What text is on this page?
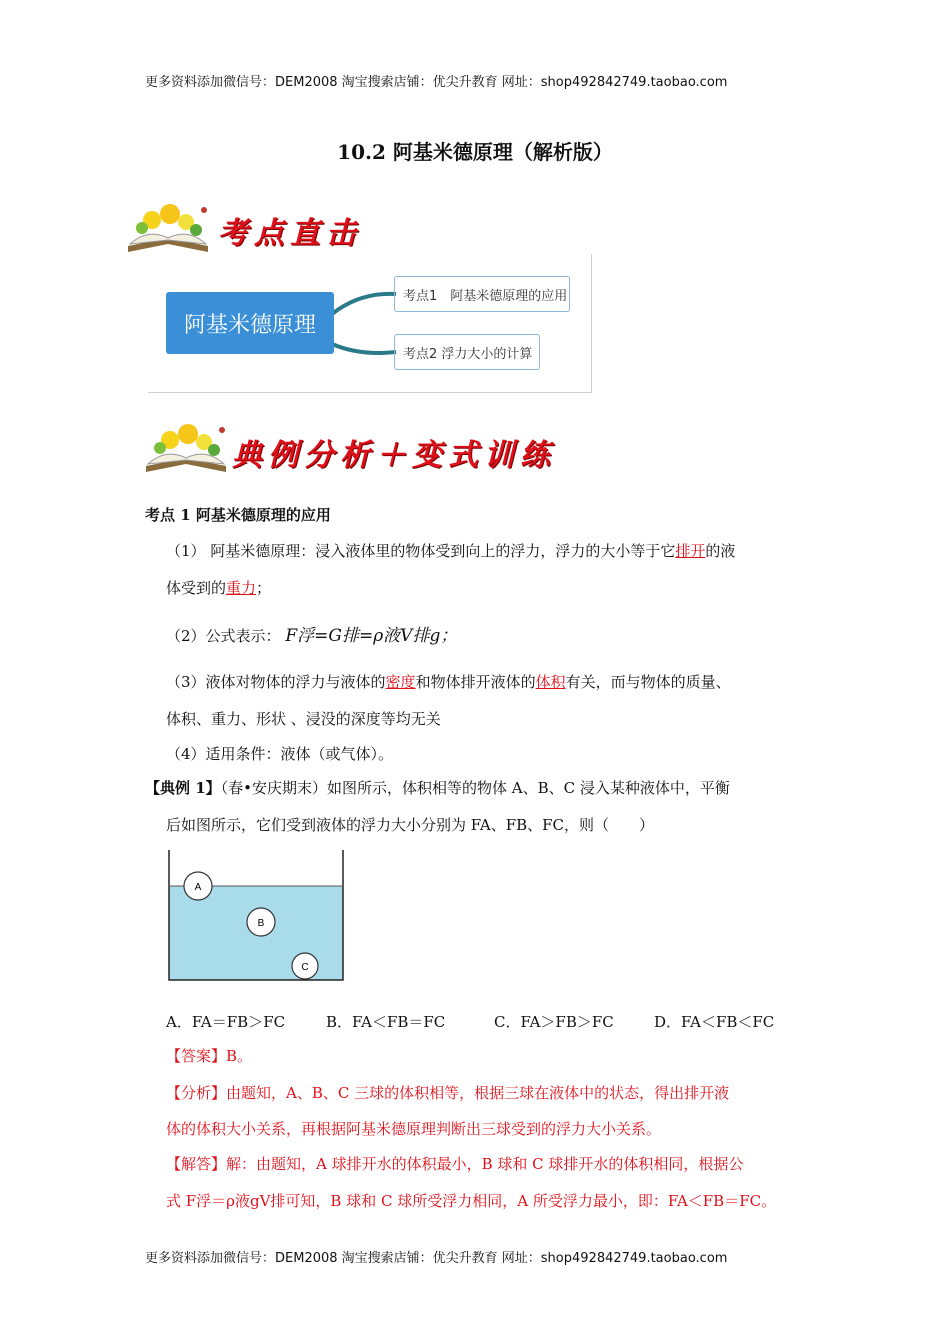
更多资料添加微信号：DEM2008 淘宝搜索店铺：优尖升教育 网址：shop492842749.taobao.com
10.2 阿基米德原理（解析版）
考点直击
阿基米德原理
考点1　阿基米德原理的应用
考点2 浮力大小的计算
典例分析＋变式训练
考点 1 阿基米德原理的应用
（1） 阿基米德原理：浸入液体里的物体受到向上的浮力，浮力的大小等于它排开的液
体受到的重力；
（2）公式表示： F浮=G排=ρ液V排g；
（3）液体对物体的浮力与液体的密度和物体排开液体的体积有关，而与物体的质量、
体积、重力、形状 、浸没的深度等均无关
（4）适用条件：液体（或气体）。
【典例 1】（春•安庆期末）如图所示，体积相等的物体 A、B、C 浸入某种液体中，平衡
后如图所示，它们受到液体的浮力大小分别为 FA、FB、FC，则（　　）
A
B
C
A．FA＝FB＞FC	B．FA＜FB＝FC	C．FA＞FB＞FC	D．FA＜FB＜FC
【答案】B。
【分析】由题知，A、B、C 三球的体积相等，根据三球在液体中的状态，得出排开液
体的体积大小关系，再根据阿基米德原理判断出三球受到的浮力大小关系。
【解答】解：由题知，A 球排开水的体积最小，B 球和 C 球排开水的体积相同，根据公
式 F浮＝ρ液gV排可知，B 球和 C 球所受浮力相同，A 所受浮力最小，即：FA＜FB＝FC。
更多资料添加微信号：DEM2008 淘宝搜索店铺：优尖升教育 网址：shop492842749.taobao.com
